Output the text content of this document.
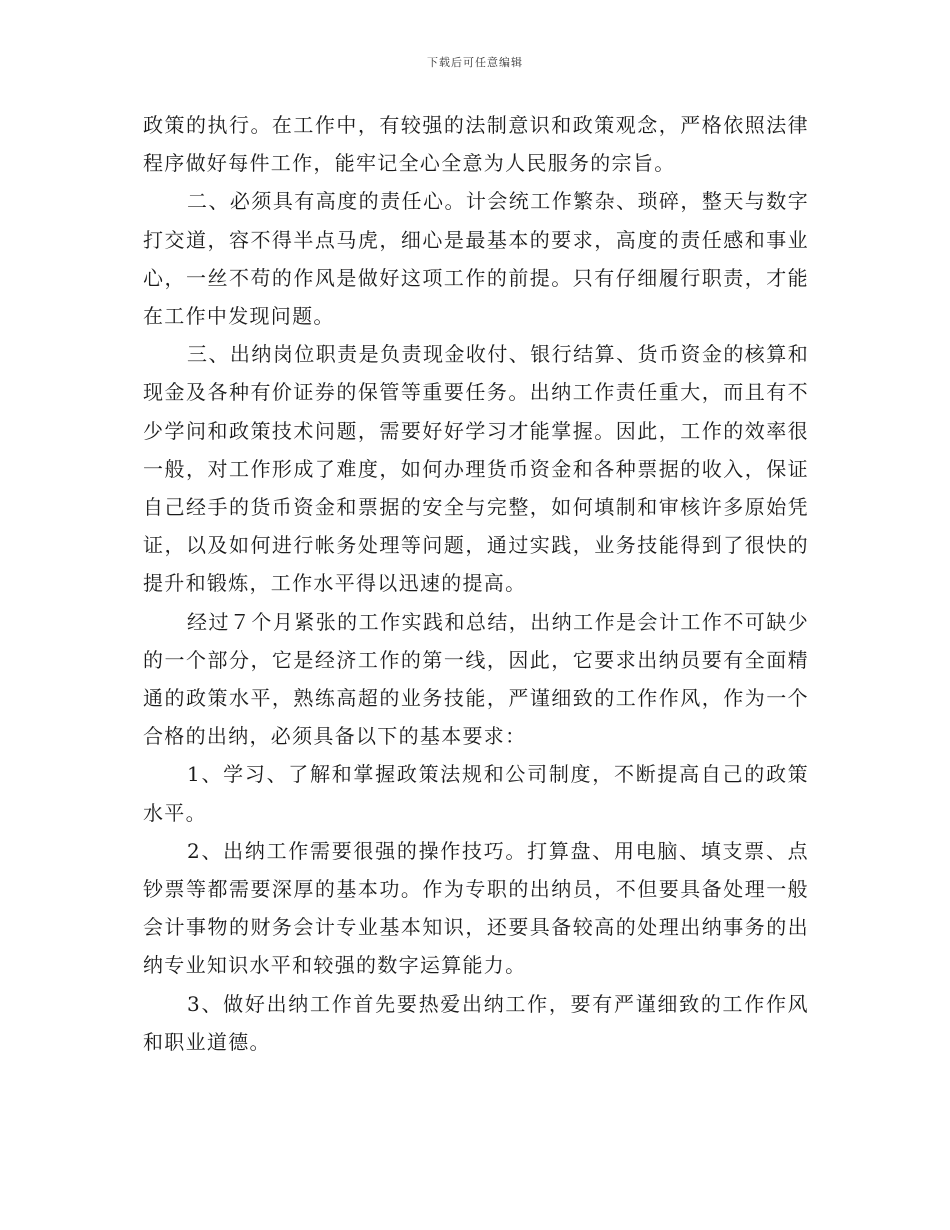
下载后可任意编辑

政策的执行。在工作中，有较强的法制意识和政策观念，严格依照法律程序做好每件工作，能牢记全心全意为人民服务的宗旨。

二、必须具有高度的责任心。计会统工作繁杂、琐碎，整天与数字打交道，容不得半点马虎，细心是最基本的要求，高度的责任感和事业心，一丝不苟的作风是做好这项工作的前提。只有仔细履行职责，才能在工作中发现问题。

三、出纳岗位职责是负责现金收付、银行结算、货币资金的核算和现金及各种有价证券的保管等重要任务。出纳工作责任重大，而且有不少学问和政策技术问题，需要好好学习才能掌握。因此，工作的效率很一般，对工作形成了难度，如何办理货币资金和各种票据的收入，保证自己经手的货币资金和票据的安全与完整，如何填制和审核许多原始凭证，以及如何进行帐务处理等问题，通过实践，业务技能得到了很快的提升和锻炼，工作水平得以迅速的提高。

经过７个月紧张的工作实践和总结，出纳工作是会计工作不可缺少的一个部分，它是经济工作的第一线，因此，它要求出纳员要有全面精通的政策水平，熟练高超的业务技能，严谨细致的工作作风，作为一个合格的出纳，必须具备以下的基本要求：

1、学习、了解和掌握政策法规和公司制度，不断提高自己的政策水平。

2、出纳工作需要很强的操作技巧。打算盘、用电脑、填支票、点钞票等都需要深厚的基本功。作为专职的出纳员，不但要具备处理一般会计事物的财务会计专业基本知识，还要具备较高的处理出纳事务的出纳专业知识水平和较强的数字运算能力。

3、做好出纳工作首先要热爱出纳工作，要有严谨细致的工作作风和职业道德。
